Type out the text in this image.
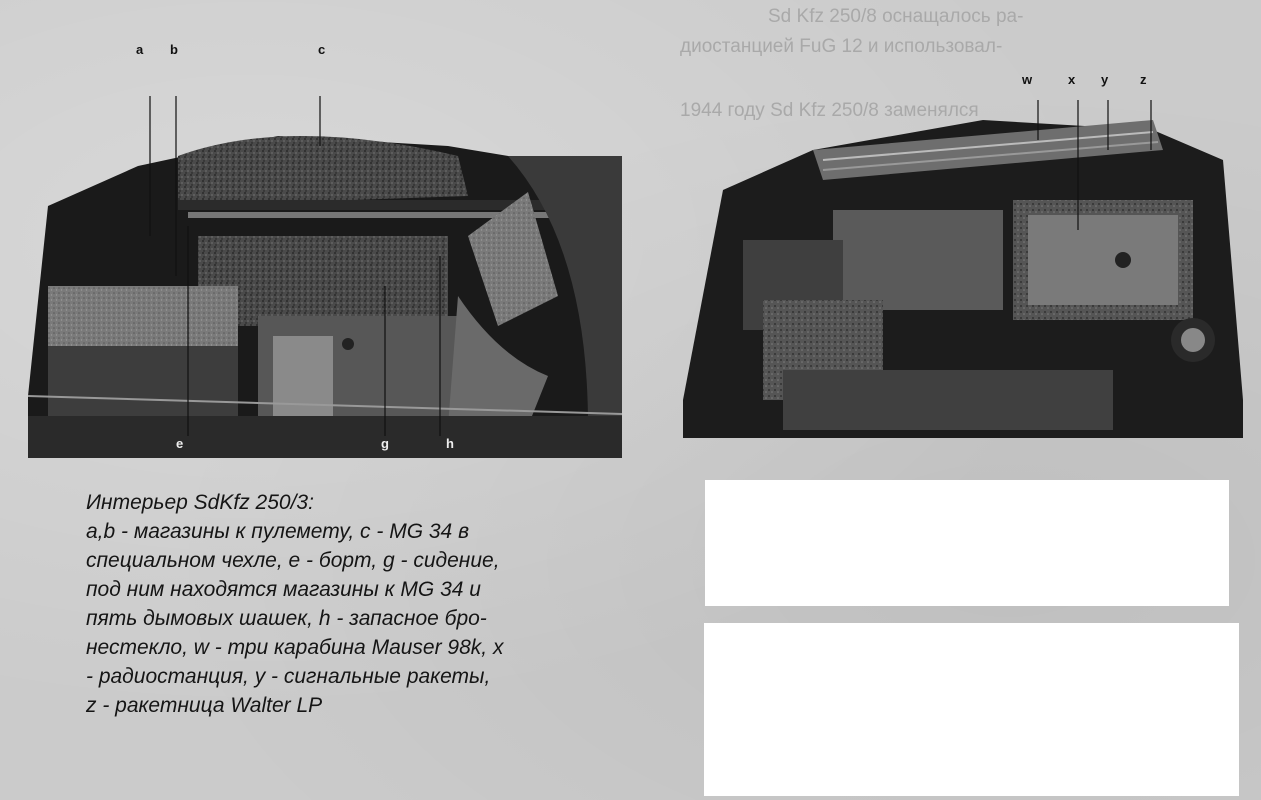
Sd Kfz 250/8 оснащалось ра-
диостанцией FuG 12 и использовал-
1944 году Sd Kfz 250/8 заменялся
a b	c
e	g	h
w	x y z
Интерьер SdKfz 250/3:
a,b - магазины к пулемету, с - MG 34 в
специальном чехле, e - борт, g - сидение,
под ним находятся магазины к MG 34 и
пять дымовых шашек, h - запасное бро-
нестекло, w - три карабина Mauser 98k, x
- радиостанция, y - сигнальные ракеты,
z - ракетница Walter LP
